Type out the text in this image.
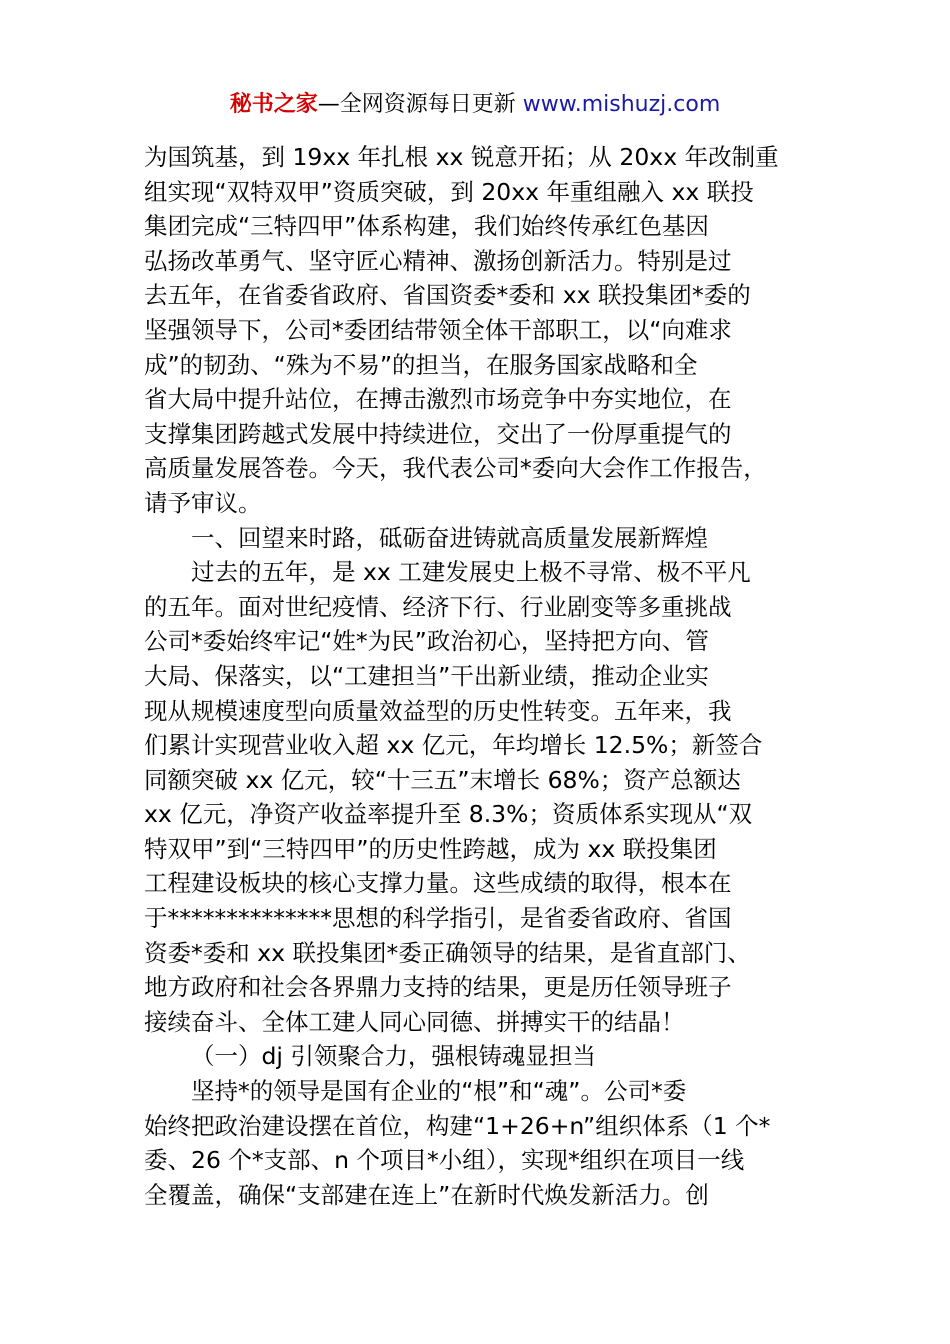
秘书之家—全网资源每日更新 www.mishuzj.com
为国筑基，到 19xx 年扎根 xx 锐意开拓；从 20xx 年改制重
组实现“双特双甲”资质突破，到 20xx 年重组融入 xx 联投
集团完成“三特四甲”体系构建，我们始终传承红色基因
弘扬改革勇气、坚守匠心精神、激扬创新活力。特别是过
去五年，在省委省政府、省国资委*委和 xx 联投集团*委的
坚强领导下，公司*委团结带领全体干部职工，以“向难求
成”的韧劲、“殊为不易”的担当，在服务国家战略和全
省大局中提升站位，在搏击激烈市场竞争中夯实地位，在
支撑集团跨越式发展中持续进位，交出了一份厚重提气的
高质量发展答卷。今天，我代表公司*委向大会作工作报告，
请予审议。
一、回望来时路，砥砺奋进铸就高质量发展新辉煌
过去的五年，是 xx 工建发展史上极不寻常、极不平凡
的五年。面对世纪疫情、经济下行、行业剧变等多重挑战
公司*委始终牢记“姓*为民”政治初心，坚持把方向、管
大局、保落实，以“工建担当”干出新业绩，推动企业实
现从规模速度型向质量效益型的历史性转变。五年来，我
们累计实现营业收入超 xx 亿元，年均增长 12.5%；新签合
同额突破 xx 亿元，较“十三五”末增长 68%；资产总额达
xx 亿元，净资产收益率提升至 8.3%；资质体系实现从“双
特双甲”到“三特四甲”的历史性跨越，成为 xx 联投集团
工程建设板块的核心支撑力量。这些成绩的取得，根本在
于**************思想的科学指引，是省委省政府、省国
资委*委和 xx 联投集团*委正确领导的结果，是省直部门、
地方政府和社会各界鼎力支持的结果，更是历任领导班子
接续奋斗、全体工建人同心同德、拼搏实干的结晶！
（一）dj 引领聚合力，强根铸魂显担当
坚持*的领导是国有企业的“根”和“魂”。公司*委
始终把政治建设摆在首位，构建“1+26+n”组织体系（1 个*
委、26 个*支部、n 个项目*小组），实现*组织在项目一线
全覆盖，确保“支部建在连上”在新时代焕发新活力。创
